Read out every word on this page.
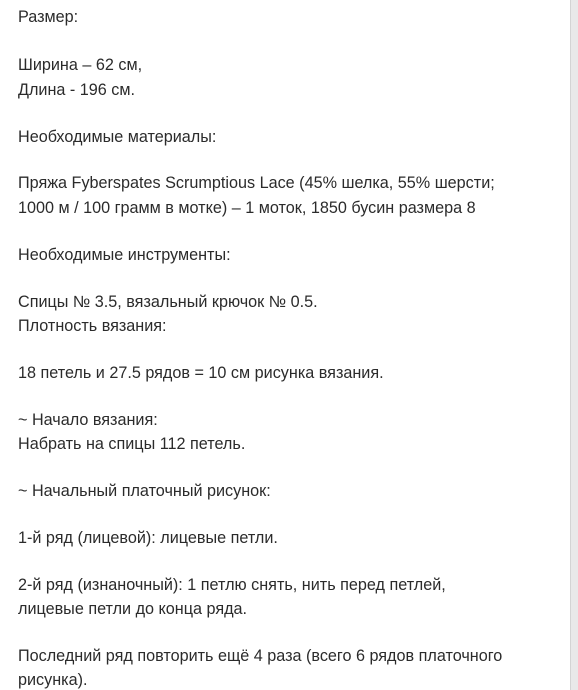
Размер:
Ширина – 62 см,
Длина - 196 см.
Необходимые материалы:
Пряжа Fyberspates Scrumptious Lace (45% шелка, 55% шерсти;
1000 м / 100 грамм в мотке) – 1 моток, 1850 бусин размера 8
Необходимые инструменты:
Спицы № 3.5, вязальный крючок № 0.5.
Плотность вязания:
18 петель и 27.5 рядов = 10 см рисунка вязания.
~ Начало вязания:
Набрать на спицы 112 петель.
~ Начальный платочный рисунок:
1-й ряд (лицевой): лицевые петли.
2-й ряд (изнаночный): 1 петлю снять, нить перед петлей,
лицевые петли до конца ряда.
Последний ряд повторить ещё 4 раза (всего 6 рядов платочного
рисунка).
